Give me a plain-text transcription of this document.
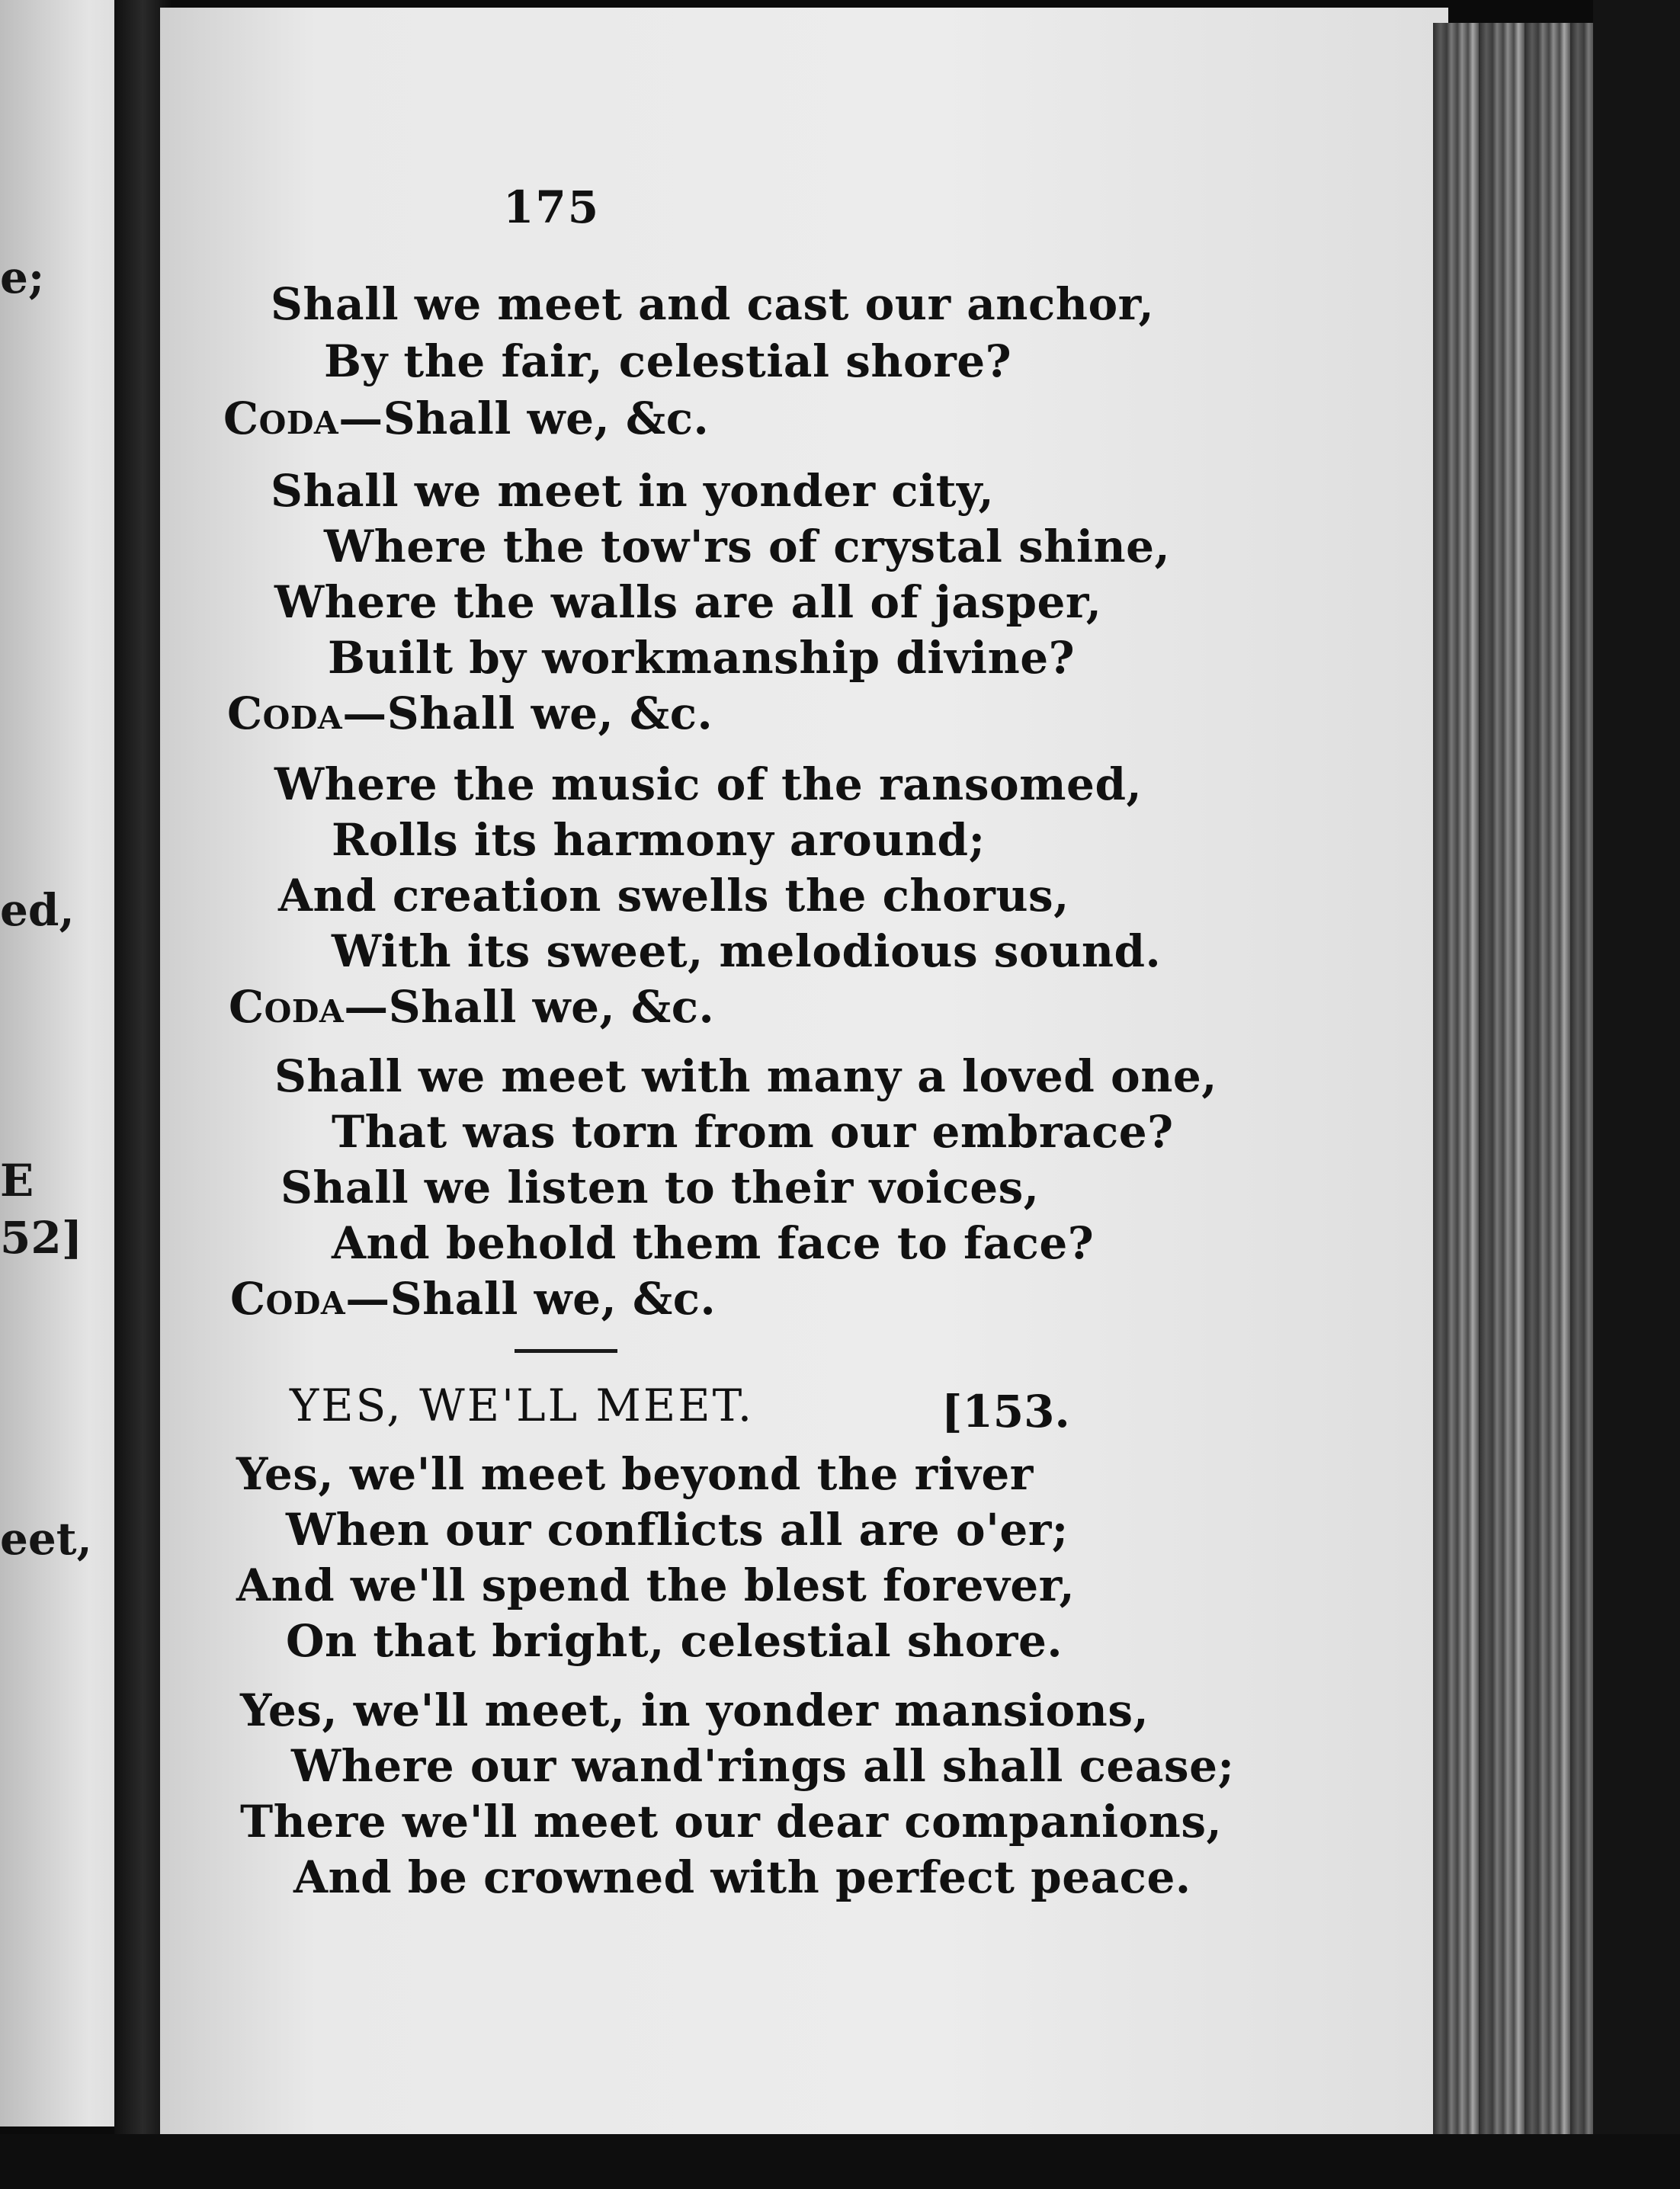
e;
ed,
E
52]
eet,
175
Shall we meet and cast our anchor,
By the fair, celestial shore?
Coda—Shall we, &c.
Shall we meet in yonder city,
Where the tow'rs of crystal shine,
Where the walls are all of jasper,
Built by workmanship divine?
Coda—Shall we, &c.
Where the music of the ransomed,
Rolls its harmony around;
And creation swells the chorus,
With its sweet, melodious sound.
Coda—Shall we, &c.
Shall we meet with many a loved one,
That was torn from our embrace?
Shall we listen to their voices,
And behold them face to face?
Coda—Shall we, &c.
YES, WE'LL MEET.	[153.
Yes, we'll meet beyond the river
When our conflicts all are o'er;
And we'll spend the blest forever,
On that bright, celestial shore.
Yes, we'll meet, in yonder mansions,
Where our wand'rings all shall cease;
There we'll meet our dear companions,
And be crowned with perfect peace.
